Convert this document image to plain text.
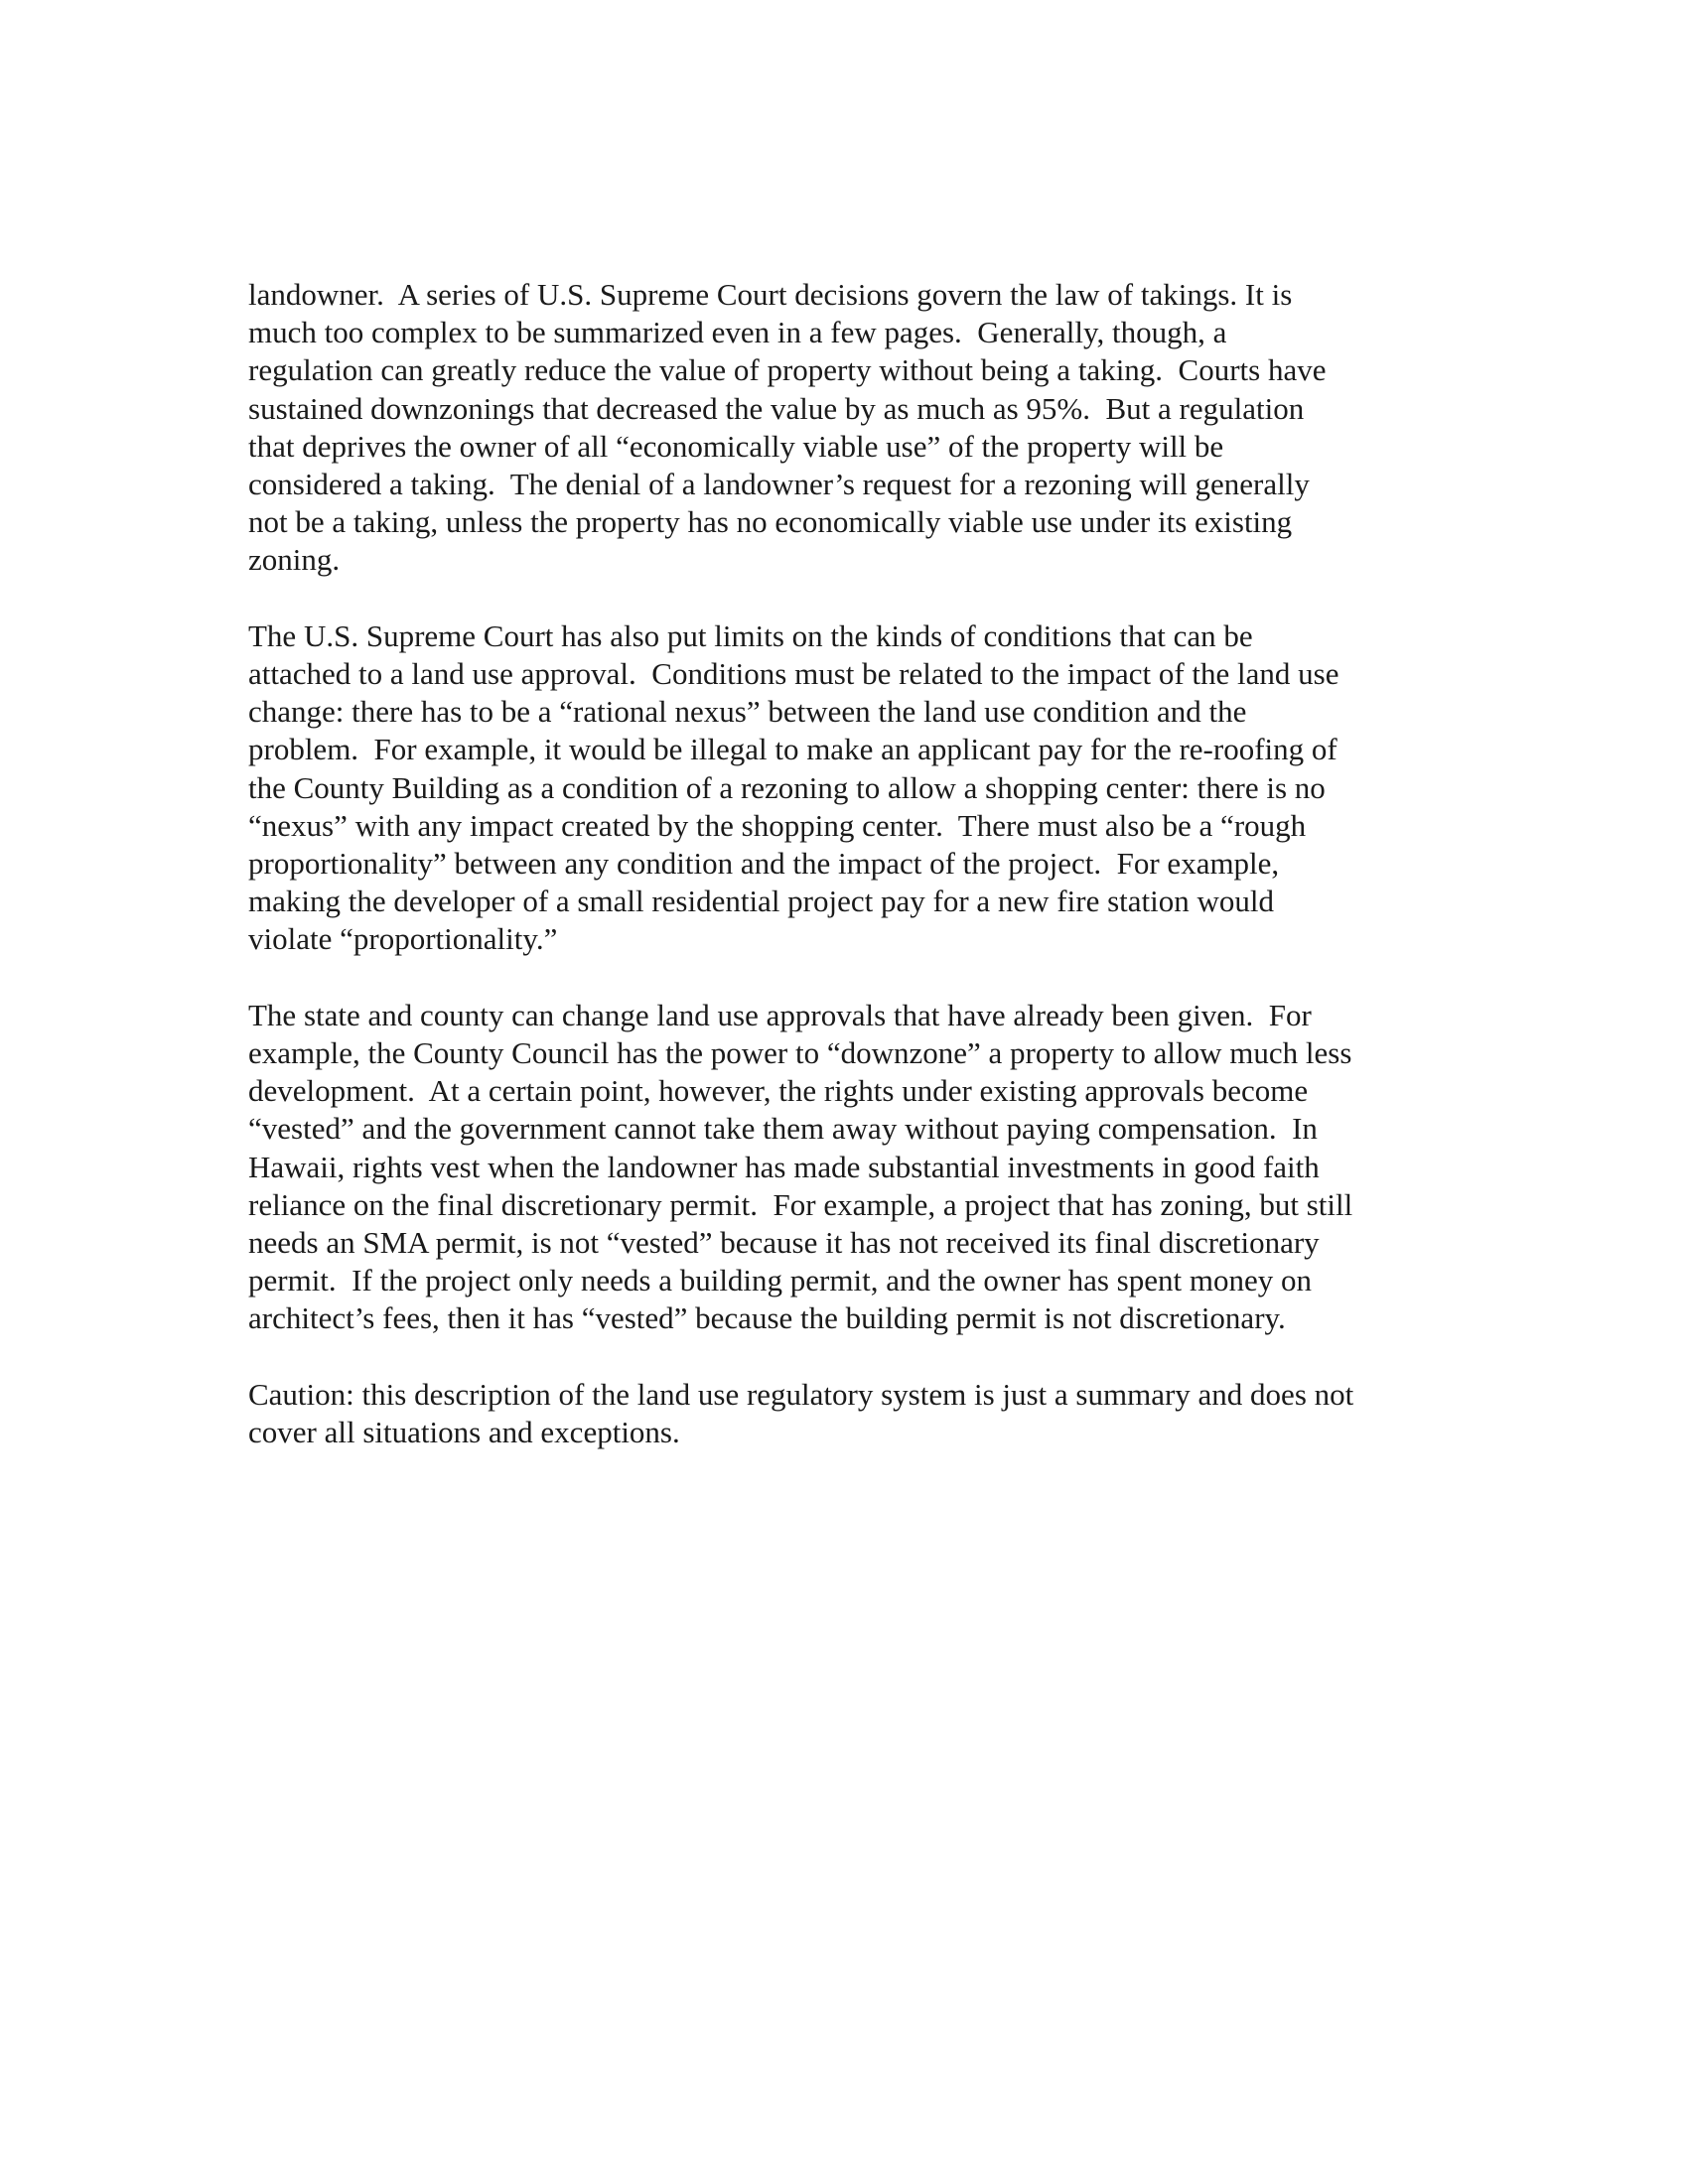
landowner.  A series of U.S. Supreme Court decisions govern the law of takings. It is
much too complex to be summarized even in a few pages.  Generally, though, a
regulation can greatly reduce the value of property without being a taking.  Courts have
sustained downzonings that decreased the value by as much as 95%.  But a regulation
that deprives the owner of all “economically viable use” of the property will be
considered a taking.  The denial of a landowner’s request for a rezoning will generally
not be a taking, unless the property has no economically viable use under its existing
zoning.
The U.S. Supreme Court has also put limits on the kinds of conditions that can be
attached to a land use approval.  Conditions must be related to the impact of the land use
change: there has to be a “rational nexus” between the land use condition and the
problem.  For example, it would be illegal to make an applicant pay for the re-roofing of
the County Building as a condition of a rezoning to allow a shopping center: there is no
“nexus” with any impact created by the shopping center.  There must also be a “rough
proportionality” between any condition and the impact of the project.  For example,
making the developer of a small residential project pay for a new fire station would
violate “proportionality.”
The state and county can change land use approvals that have already been given.  For
example, the County Council has the power to “downzone” a property to allow much less
development.  At a certain point, however, the rights under existing approvals become
“vested” and the government cannot take them away without paying compensation.  In
Hawaii, rights vest when the landowner has made substantial investments in good faith
reliance on the final discretionary permit.  For example, a project that has zoning, but still
needs an SMA permit, is not “vested” because it has not received its final discretionary
permit.  If the project only needs a building permit, and the owner has spent money on
architect’s fees, then it has “vested” because the building permit is not discretionary.
Caution: this description of the land use regulatory system is just a summary and does not
cover all situations and exceptions.
